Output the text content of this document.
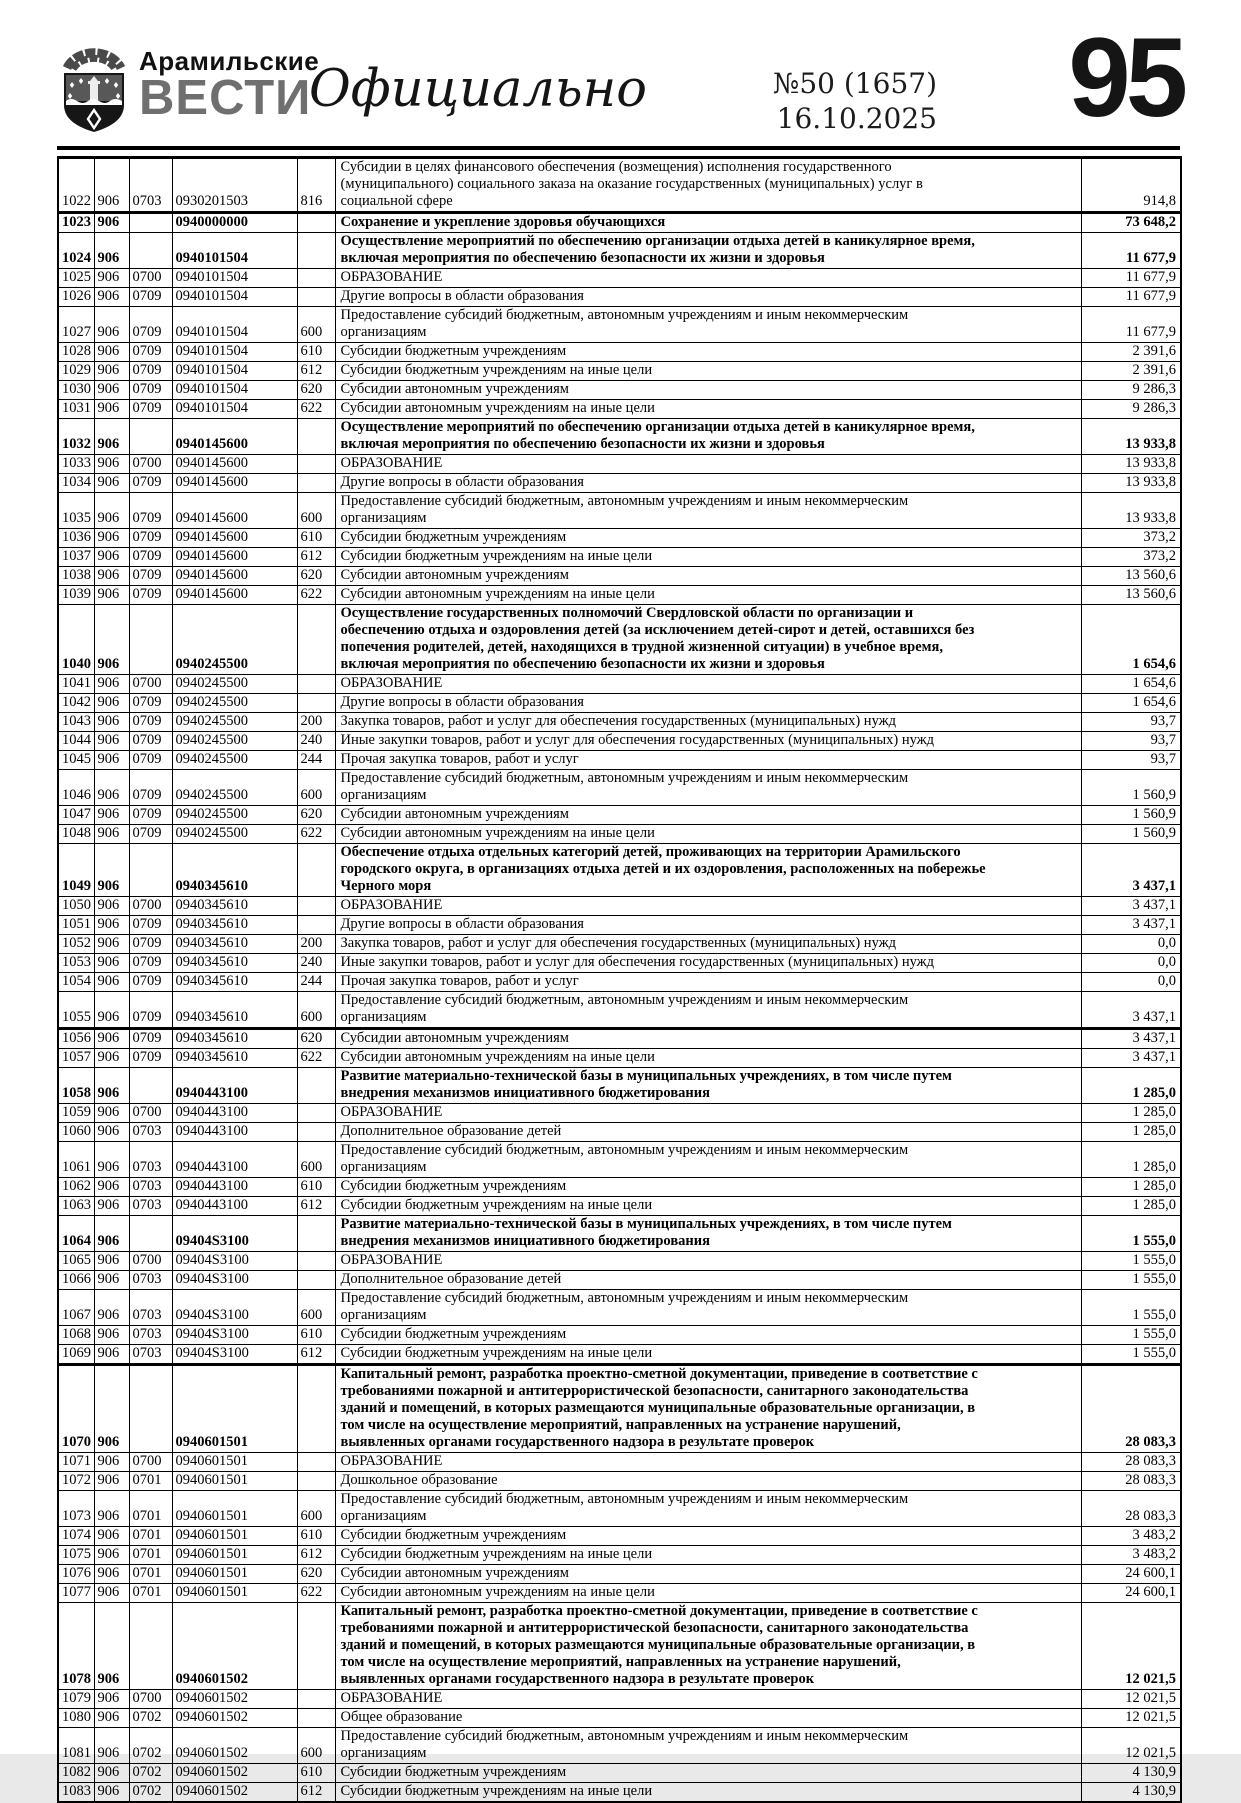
Арамильские
ВЕСТИ
Официально	№50 (1657)
16.10.2025	95
1022	906	0703	0930201503	816	Субсидии в целях финансового обеспечения (возмещения) исполнения государственного (муниципального) социального заказа на оказание государственных (муниципальных) услуг в социальной сфере	914,8
1023	906		0940000000		Сохранение и укрепление здоровья обучающихся	73 648,2
1024	906		0940101504		Осуществление мероприятий по обеспечению организации отдыха детей в каникулярное время, включая мероприятия по обеспечению безопасности их жизни и здоровья	11 677,9
1025	906	0700	0940101504		ОБРАЗОВАНИЕ	11 677,9
1026	906	0709	0940101504		Другие вопросы в области образования	11 677,9
1027	906	0709	0940101504	600	Предоставление субсидий бюджетным, автономным учреждениям и иным некоммерческим организациям	11 677,9
1028	906	0709	0940101504	610	Субсидии бюджетным учреждениям	2 391,6
1029	906	0709	0940101504	612	Субсидии бюджетным учреждениям на иные цели	2 391,6
1030	906	0709	0940101504	620	Субсидии автономным учреждениям	9 286,3
1031	906	0709	0940101504	622	Субсидии автономным учреждениям на иные цели	9 286,3
1032	906		0940145600		Осуществление мероприятий по обеспечению организации отдыха детей в каникулярное время, включая мероприятия по обеспечению безопасности их жизни и здоровья	13 933,8
1033	906	0700	0940145600		ОБРАЗОВАНИЕ	13 933,8
1034	906	0709	0940145600		Другие вопросы в области образования	13 933,8
1035	906	0709	0940145600	600	Предоставление субсидий бюджетным, автономным учреждениям и иным некоммерческим организациям	13 933,8
1036	906	0709	0940145600	610	Субсидии бюджетным учреждениям	373,2
1037	906	0709	0940145600	612	Субсидии бюджетным учреждениям на иные цели	373,2
1038	906	0709	0940145600	620	Субсидии автономным учреждениям	13 560,6
1039	906	0709	0940145600	622	Субсидии автономным учреждениям на иные цели	13 560,6
1040	906		0940245500		Осуществление государственных полномочий Свердловской области по организации и обеспечению отдыха и оздоровления детей (за исключением детей-сирот и детей, оставшихся без попечения родителей, детей, находящихся в трудной жизненной ситуации) в учебное время, включая мероприятия по обеспечению безопасности их жизни и здоровья	1 654,6
1041	906	0700	0940245500		ОБРАЗОВАНИЕ	1 654,6
1042	906	0709	0940245500		Другие вопросы в области образования	1 654,6
1043	906	0709	0940245500	200	Закупка товаров, работ и услуг для обеспечения государственных (муниципальных) нужд	93,7
1044	906	0709	0940245500	240	Иные закупки товаров, работ и услуг для обеспечения государственных (муниципальных) нужд	93,7
1045	906	0709	0940245500	244	Прочая закупка товаров, работ и услуг	93,7
1046	906	0709	0940245500	600	Предоставление субсидий бюджетным, автономным учреждениям и иным некоммерческим организациям	1 560,9
1047	906	0709	0940245500	620	Субсидии автономным учреждениям	1 560,9
1048	906	0709	0940245500	622	Субсидии автономным учреждениям на иные цели	1 560,9
1049	906		0940345610		Обеспечение отдыха отдельных категорий детей, проживающих на территории Арамильского городского округа, в организациях отдыха детей и их оздоровления, расположенных на побережье Черного моря	3 437,1
1050	906	0700	0940345610		ОБРАЗОВАНИЕ	3 437,1
1051	906	0709	0940345610		Другие вопросы в области образования	3 437,1
1052	906	0709	0940345610	200	Закупка товаров, работ и услуг для обеспечения государственных (муниципальных) нужд	0,0
1053	906	0709	0940345610	240	Иные закупки товаров, работ и услуг для обеспечения государственных (муниципальных) нужд	0,0
1054	906	0709	0940345610	244	Прочая закупка товаров, работ и услуг	0,0
1055	906	0709	0940345610	600	Предоставление субсидий бюджетным, автономным учреждениям и иным некоммерческим организациям	3 437,1
1056	906	0709	0940345610	620	Субсидии автономным учреждениям	3 437,1
1057	906	0709	0940345610	622	Субсидии автономным учреждениям на иные цели	3 437,1
1058	906		0940443100		Развитие материально-технической базы в муниципальных учреждениях, в том числе путем внедрения механизмов инициативного бюджетирования	1 285,0
1059	906	0700	0940443100		ОБРАЗОВАНИЕ	1 285,0
1060	906	0703	0940443100		Дополнительное образование детей	1 285,0
1061	906	0703	0940443100	600	Предоставление субсидий бюджетным, автономным учреждениям и иным некоммерческим организациям	1 285,0
1062	906	0703	0940443100	610	Субсидии бюджетным учреждениям	1 285,0
1063	906	0703	0940443100	612	Субсидии бюджетным учреждениям на иные цели	1 285,0
1064	906		09404S3100		Развитие материально-технической базы в муниципальных учреждениях, в том числе путем внедрения механизмов инициативного бюджетирования	1 555,0
1065	906	0700	09404S3100		ОБРАЗОВАНИЕ	1 555,0
1066	906	0703	09404S3100		Дополнительное образование детей	1 555,0
1067	906	0703	09404S3100	600	Предоставление субсидий бюджетным, автономным учреждениям и иным некоммерческим организациям	1 555,0
1068	906	0703	09404S3100	610	Субсидии бюджетным учреждениям	1 555,0
1069	906	0703	09404S3100	612	Субсидии бюджетным учреждениям на иные цели	1 555,0
1070	906		0940601501		Капитальный ремонт, разработка проектно-сметной документации, приведение в соответствие с требованиями пожарной и антитеррористической безопасности, санитарного законодательства зданий и помещений, в которых размещаются муниципальные образовательные организации, в том числе на осуществление мероприятий, направленных на устранение нарушений, выявленных органами государственного надзора в результате проверок	28 083,3
1071	906	0700	0940601501		ОБРАЗОВАНИЕ	28 083,3
1072	906	0701	0940601501		Дошкольное образование	28 083,3
1073	906	0701	0940601501	600	Предоставление субсидий бюджетным, автономным учреждениям и иным некоммерческим организациям	28 083,3
1074	906	0701	0940601501	610	Субсидии бюджетным учреждениям	3 483,2
1075	906	0701	0940601501	612	Субсидии бюджетным учреждениям на иные цели	3 483,2
1076	906	0701	0940601501	620	Субсидии автономным учреждениям	24 600,1
1077	906	0701	0940601501	622	Субсидии автономным учреждениям на иные цели	24 600,1
1078	906		0940601502		Капитальный ремонт, разработка проектно-сметной документации, приведение в соответствие с требованиями пожарной и антитеррористической безопасности, санитарного законодательства зданий и помещений, в которых размещаются муниципальные образовательные организации, в том числе на осуществление мероприятий, направленных на устранение нарушений, выявленных органами государственного надзора в результате проверок	12 021,5
1079	906	0700	0940601502		ОБРАЗОВАНИЕ	12 021,5
1080	906	0702	0940601502		Общее образование	12 021,5
1081	906	0702	0940601502	600	Предоставление субсидий бюджетным, автономным учреждениям и иным некоммерческим организациям	12 021,5
1082	906	0702	0940601502	610	Субсидии бюджетным учреждениям	4 130,9
1083	906	0702	0940601502	612	Субсидии бюджетным учреждениям на иные цели	4 130,9
